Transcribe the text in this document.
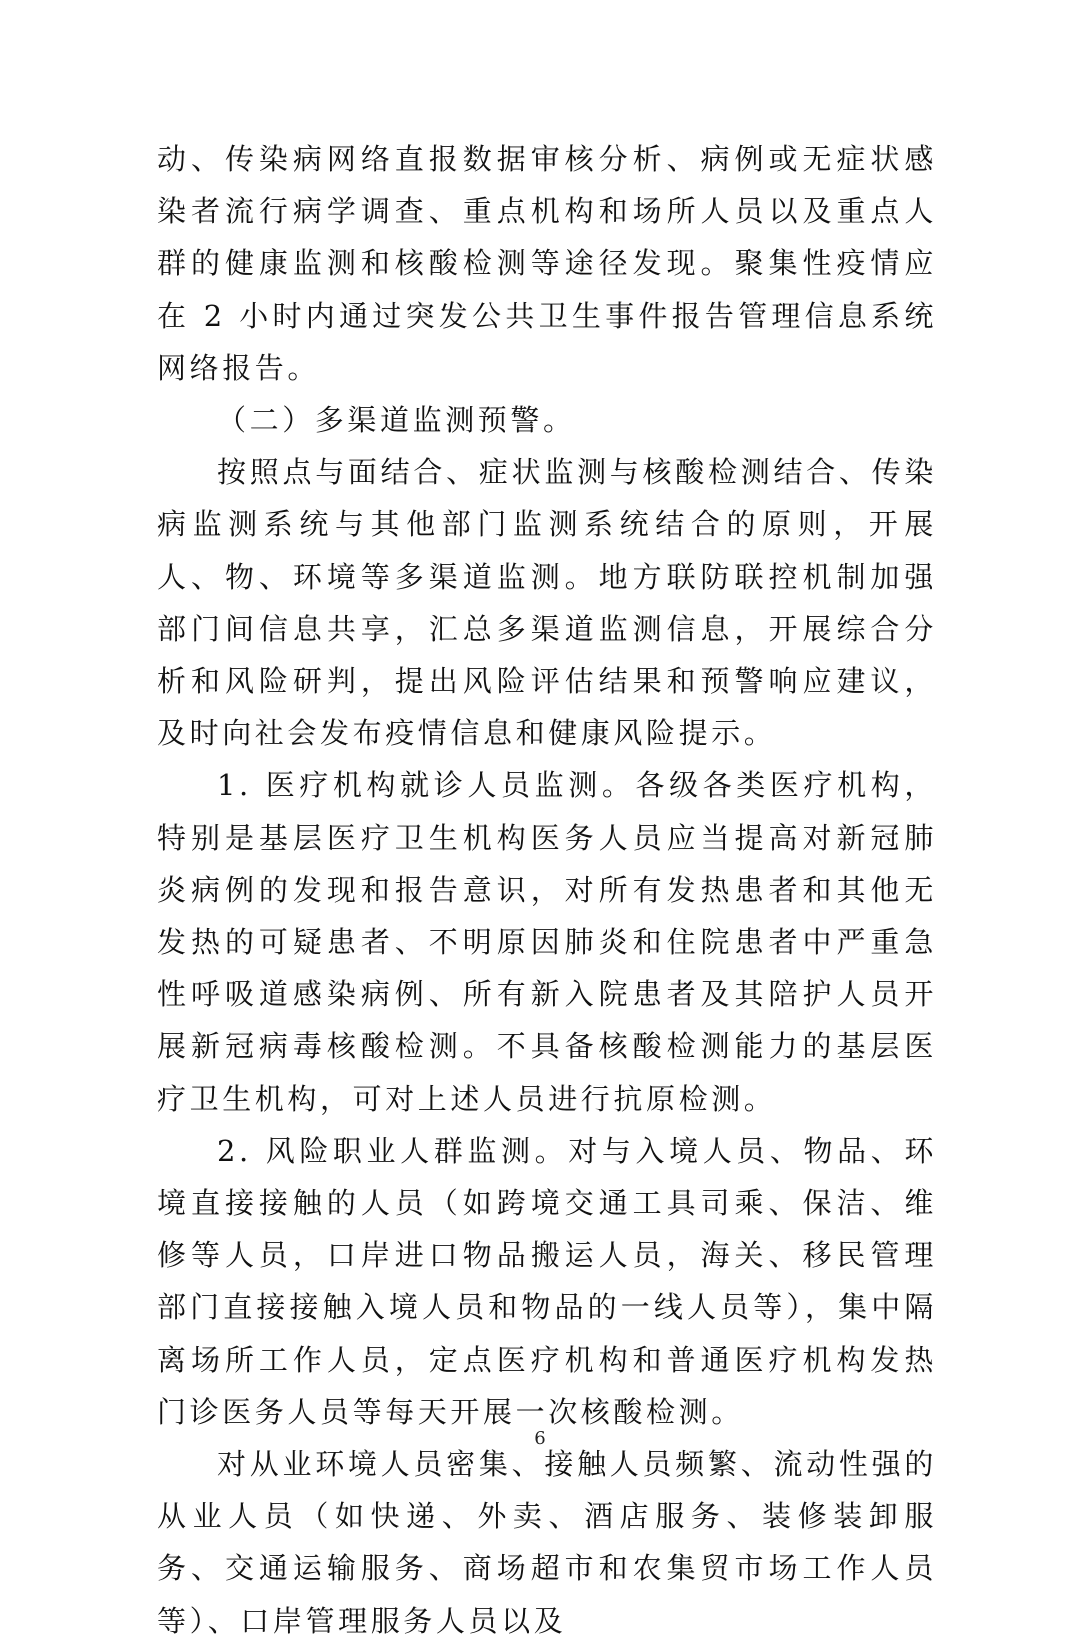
动、传染病网络直报数据审核分析、病例或无症状感染者流行病学调查、重点机构和场所人员以及重点人群的健康监测和核酸检测等途径发现。聚集性疫情应在 2 小时内通过突发公共卫生事件报告管理信息系统网络报告。

（二）多渠道监测预警。

按照点与面结合、症状监测与核酸检测结合、传染病监测系统与其他部门监测系统结合的原则，开展人、物、环境等多渠道监测。地方联防联控机制加强部门间信息共享，汇总多渠道监测信息，开展综合分析和风险研判，提出风险评估结果和预警响应建议，及时向社会发布疫情信息和健康风险提示。

1. 医疗机构就诊人员监测。各级各类医疗机构，特别是基层医疗卫生机构医务人员应当提高对新冠肺炎病例的发现和报告意识，对所有发热患者和其他无发热的可疑患者、不明原因肺炎和住院患者中严重急性呼吸道感染病例、所有新入院患者及其陪护人员开展新冠病毒核酸检测。不具备核酸检测能力的基层医疗卫生机构，可对上述人员进行抗原检测。

2. 风险职业人群监测。对与入境人员、物品、环境直接接触的人员（如跨境交通工具司乘、保洁、维修等人员，口岸进口物品搬运人员，海关、移民管理部门直接接触入境人员和物品的一线人员等），集中隔离场所工作人员，定点医疗机构和普通医疗机构发热门诊医务人员等每天开展一次核酸检测。

对从业环境人员密集、接触人员频繁、流动性强的从业人员（如快递、外卖、酒店服务、装修装卸服务、交通运输服务、商场超市和农集贸市场工作人员等）、口岸管理服务人员以及

6
